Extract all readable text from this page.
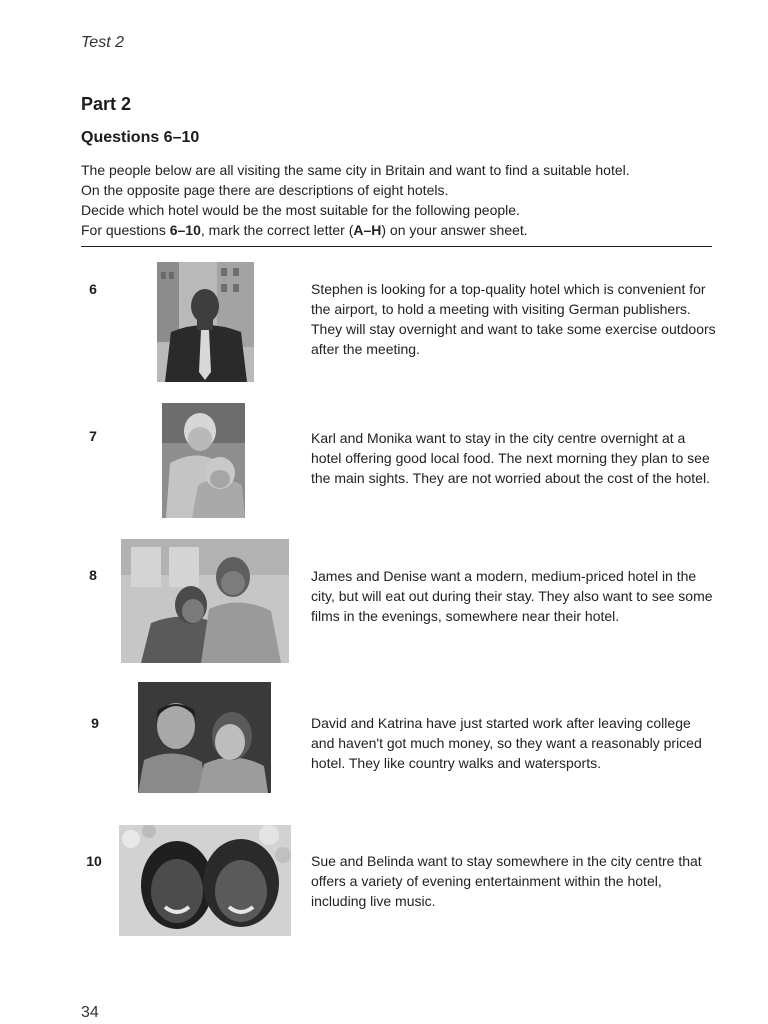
Test 2
Part 2
Questions 6–10

The people below are all visiting the same city in Britain and want to find a suitable hotel.

On the opposite page there are descriptions of eight hotels.

Decide which hotel would be the most suitable for the following people.

For questions 6–10, mark the correct letter (A–H) on your answer sheet.

6	Stephen is looking for a top-quality hotel which is convenient for the airport, to hold a meeting with visiting German publishers. They will stay overnight and want to take some exercise outdoors after the meeting.
7	Karl and Monika want to stay in the city centre overnight at a hotel offering good local food. The next morning they plan to see the main sights. They are not worried about the cost of the hotel.
8	James and Denise want a modern, medium-priced hotel in the city, but will eat out during their stay. They also want to see some films in the evenings, somewhere near their hotel.
9	David and Katrina have just started work after leaving college and haven't got much money, so they want a reasonably priced hotel. They like country walks and watersports.
10	Sue and Belinda want to stay somewhere in the city centre that offers a variety of evening entertainment within the hotel, including live music.
34
